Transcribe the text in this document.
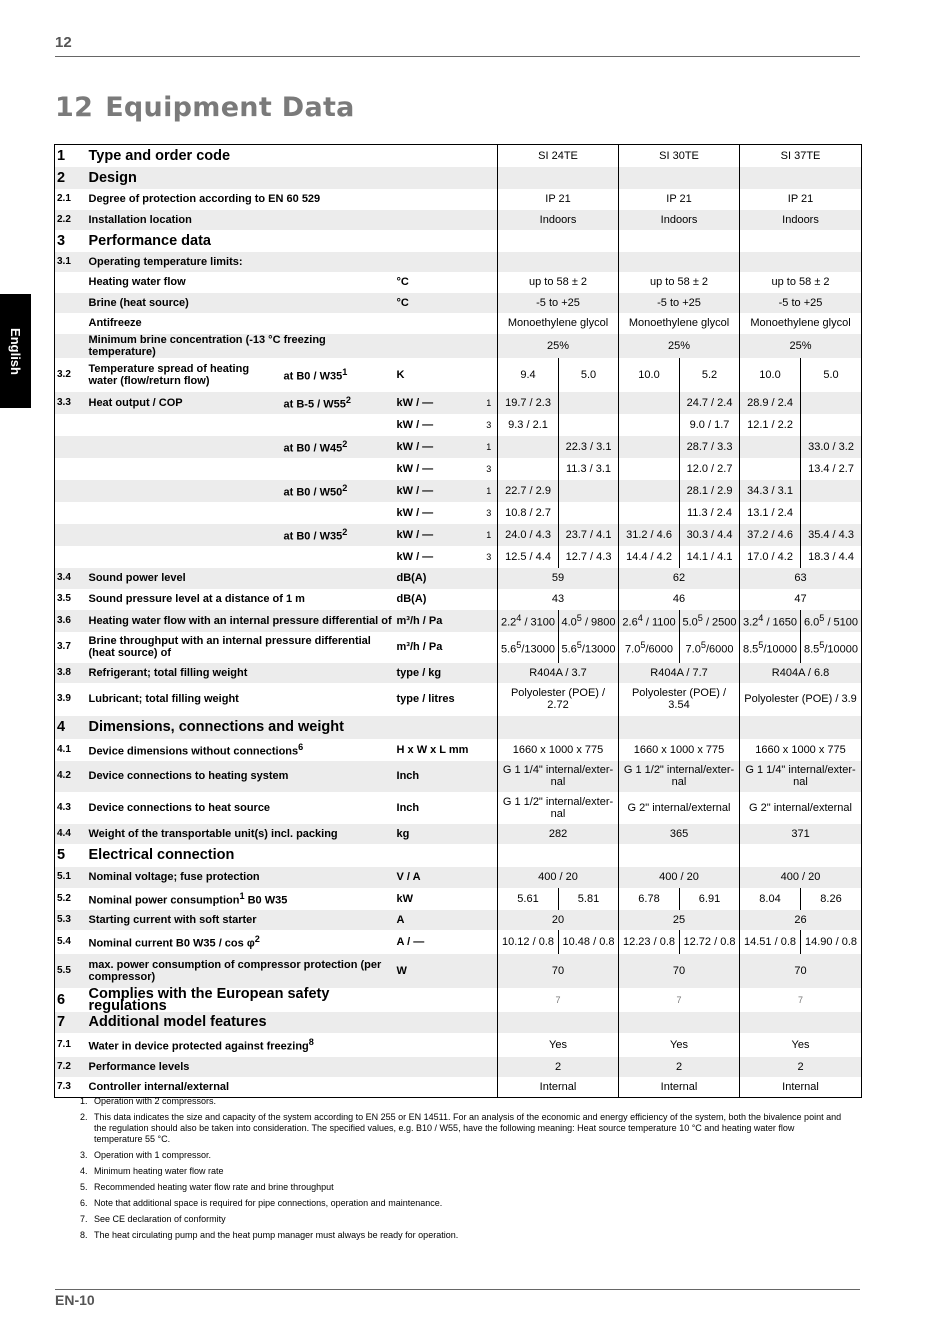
12
12 Equipment Data
English
1	Type and order code				SI 24TE		SI 30TE		SI 37TE	
2	Design									
2.1	Degree of protection according to EN 60 529				IP 21		IP 21		IP 21	
2.2	Installation location				Indoors		Indoors		Indoors	
3	Performance data									
3.1	Operating temperature limits:									
	Heating water flow		°C		up to 58 ± 2		up to 58 ± 2		up to 58 ± 2	
	Brine (heat source)		°C		-5 to +25		-5 to +25		-5 to +25	
	Antifreeze				Monoethylene glycol		Monoethylene glycol		Monoethylene glycol	
	Minimum brine concentration (-13 °C freezing temperature)				25%		25%		25%	
3.2	Temperature spread of heating water (flow/return flow)	at $B0 / W35^1$	K		9.4	5.0	10.0	5.2	10.0	5.0
3.3	Heat output / COP	at $B-5 / W55^2$	kW / —	1	19.7 / 2.3			24.7 / 2.4	28.9 / 2.4	
			kW / —	3	9.3 / 2.1			9.0 / 1.7	12.1 / 2.2	
		at $B0 / W45^2$	kW / —	1		22.3 / 3.1		28.7 / 3.3		33.0 / 3.2
			kW / —	3		11.3 / 3.1		12.0 / 2.7		13.4 / 2.7
		at $B0 / W50^2$	kW / —	1	22.7 / 2.9			28.1 / 2.9	34.3 / 3.1	
			kW / —	3	10.8 / 2.7			11.3 / 2.4	13.1 / 2.4	
		at $B0 / W35^2$	kW / —	1	24.0 / 4.3	23.7 / 4.1	31.2 / 4.6	30.3 / 4.4	37.2 / 4.6	35.4 / 4.3
			kW / —	3	12.5 / 4.4	12.7 / 4.3	14.4 / 4.2	14.1 / 4.1	17.0 / 4.2	18.3 / 4.4
3.4	Sound power level		dB(A)		59		62		63	
3.5	Sound pressure level at a distance of 1 m		dB(A)		43		46		47	
3.6	Heating water flow with an internal pressure differential of		m³/h / Pa		$2.2^4 / 3100$	$4.0^5 / 9800$	$2.6^4 / 1100$	$5.0^5 / 2500$	$3.2^4 / 1650$	$6.0^5 / 5100$
3.7	Brine throughput with an internal pressure differential (heat source) of		m³/h / Pa		$5.6^5/13000$	$5.6^5/13000$	$7.0^5/6000$	$7.0^5/6000$	$8.5^5/10000$	$8.5^5/10000$
3.8	Refrigerant; total filling weight		type / kg		R404A / 3.7		R404A / 7.7		R404A / 6.8	
3.9	Lubricant; total filling weight		type / litres		Polyolester (POE) / 2.72		Polyolester (POE) / 3.54		Polyolester (POE) / 3.9	
4	Dimensions, connections and weight									
4.1	Device dimensions without connections$^6$		H x W x L mm		1660 x 1000 x 775		1660 x 1000 x 775		1660 x 1000 x 775	
4.2	Device connections to heating system		Inch		G 1 1/4" internal/exter-nal		G 1 1/2" internal/exter-nal		G 1 1/4" internal/exter-nal	
4.3	Device connections to heat source		Inch		G 1 1/2" internal/exter-nal		G 2" internal/external		G 2" internal/external	
4.4	Weight of the transportable unit(s) incl. packing		kg		282		365		371	
5	Electrical connection									
5.1	Nominal voltage; fuse protection		V / A		400 / 20		400 / 20		400 / 20	
5.2	Nominal power consumption$^1$ B0 W35		kW		5.61	5.81	6.78	6.91	8.04	8.26
5.3	Starting current with soft starter		A		20		25		26	
5.4	Nominal current B0 $W35 / \cos \varphi^2$		A / —		10.12 / 0.8	10.48 / 0.8	12.23 / 0.8	12.72 / 0.8	14.51 / 0.8	14.90 / 0.8
5.5	max. power consumption of compressor protection (per compressor)		W		70		70		70	
6	Complies with the European safety regulations				7		7		7	
7	Additional model features									
7.1	Water in device protected against freezing$^8$				Yes		Yes		Yes	
7.2	Performance levels				2		2		2	
7.3	Controller internal/external				Internal		Internal		Internal	
1. Operation with 2 compressors.
2. This data indicates the size and capacity of the system according to EN 255 or EN 14511. For an analysis of the economic and energy efficiency of the system, both the bivalence point and the regulation should also be taken into consideration. The specified values, e.g. B10 / W55, have the following meaning: Heat source temperature 10 °C and heating water flow temperature 55 °C.
3. Operation with 1 compressor.
4. Minimum heating water flow rate
5. Recommended heating water flow rate and brine throughput
6. Note that additional space is required for pipe connections, operation and maintenance.
7. See CE declaration of conformity
8. The heat circulating pump and the heat pump manager must always be ready for operation.
EN-10
